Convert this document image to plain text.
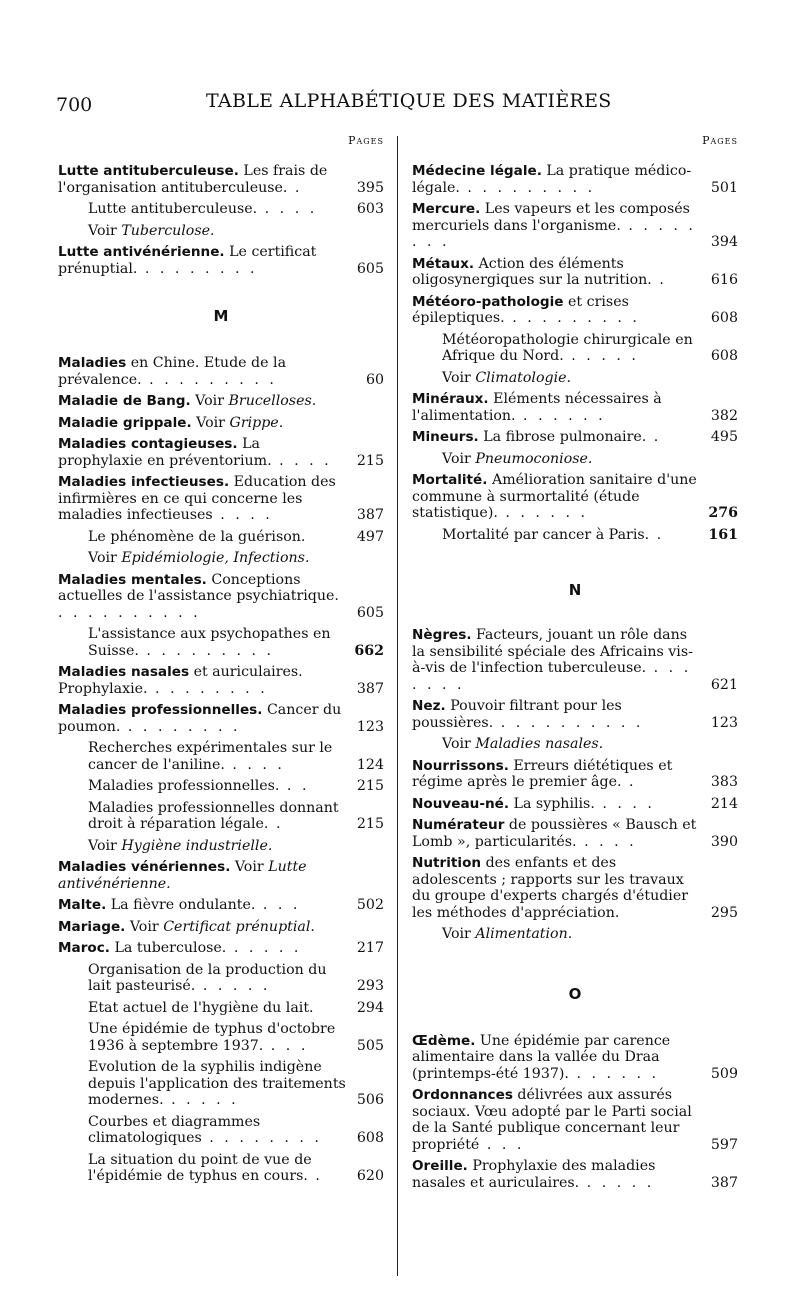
700	TABLE ALPHABÉTIQUE DES MATIÈRES
Pages
Lutte antituberculeuse. Les frais de l'organisation antituberculeuse. .	395
Lutte antituberculeuse. . . . .	603
Voir Tuberculose.
Lutte antivénérienne. Le certificat prénuptial. . . . . . . . .	605
M
Maladies en Chine. Etude de la prévalence. . . . . . . . . .	60
Maladie de Bang. Voir Brucelloses.
Maladie grippale. Voir Grippe.
Maladies contagieuses. La prophylaxie en préventorium. . . . .	215
Maladies infectieuses. Education des infirmières en ce qui concerne les maladies infectieuses . . . .	387
Le phénomène de la guérison.	497
Voir Epidémiologie, Infections.
Maladies mentales. Conceptions actuelles de l'assistance psychiatrique. . . . . . . . . . .	605
L'assistance aux psychopathes en Suisse. . . . . . . . . .	662
Maladies nasales et auriculaires. Prophylaxie. . . . . . . . .	387
Maladies professionnelles. Cancer du poumon. . . . . . . . .	123
Recherches expérimentales sur le cancer de l'aniline. . . . .	124
Maladies professionnelles. . .	215
Maladies professionnelles donnant droit à réparation légale. .	215
Voir Hygiène industrielle.
Maladies vénériennes. Voir Lutte antivénérienne.
Malte. La fièvre ondulante. . . .	502
Mariage. Voir Certificat prénuptial.
Maroc. La tuberculose. . . . . .	217
Organisation de la production du lait pasteurisé. . . . . .	293
Etat actuel de l'hygiène du lait.	294
Une épidémie de typhus d'octobre 1936 à septembre 1937. . . .	505
Evolution de la syphilis indigène depuis l'application des traitements modernes. . . . . .	506
Courbes et diagrammes climatologiques . . . . . . . .	608
La situation du point de vue de l'épidémie de typhus en cours. .	620
Pages
Médecine légale. La pratique médico-légale. . . . . . . . . .	501
Mercure. Les vapeurs et les composés mercuriels dans l'organisme. . . . . . . . .	394
Métaux. Action des éléments oligosynergiques sur la nutrition. .	616
Météoro-pathologie et crises épileptiques. . . . . . . . . .	608
Météoropathologie chirurgicale en Afrique du Nord. . . . . .	608
Voir Climatologie.
Minéraux. Eléments nécessaires à l'alimentation. . . . . . .	382
Mineurs. La fibrose pulmonaire. .	495
Voir Pneumoconiose.
Mortalité. Amélioration sanitaire d'une commune à surmortalité (étude statistique). . . . . . .	276
Mortalité par cancer à Paris. .	161
N
Nègres. Facteurs, jouant un rôle dans la sensibilité spéciale des Africains vis-à-vis de l'infection tuberculeuse. . . . . . . .	621
Nez. Pouvoir filtrant pour les poussières. . . . . . . . . . .	123
Voir Maladies nasales.
Nourrissons. Erreurs diététiques et régime après le premier âge. .	383
Nouveau-né. La syphilis. . . . .	214
Numérateur de poussières « Bausch et Lomb », particularités. . . . .	390
Nutrition des enfants et des adolescents ; rapports sur les travaux du groupe d'experts chargés d'étudier les méthodes d'appréciation.	295
Voir Alimentation.
O
Œdème. Une épidémie par carence alimentaire dans la vallée du Draa (printemps-été 1937). . . . . . .	509
Ordonnances délivrées aux assurés sociaux. Vœu adopté par le Parti social de la Santé publique concernant leur propriété . . .	597
Oreille. Prophylaxie des maladies nasales et auriculaires. . . . . .	387
